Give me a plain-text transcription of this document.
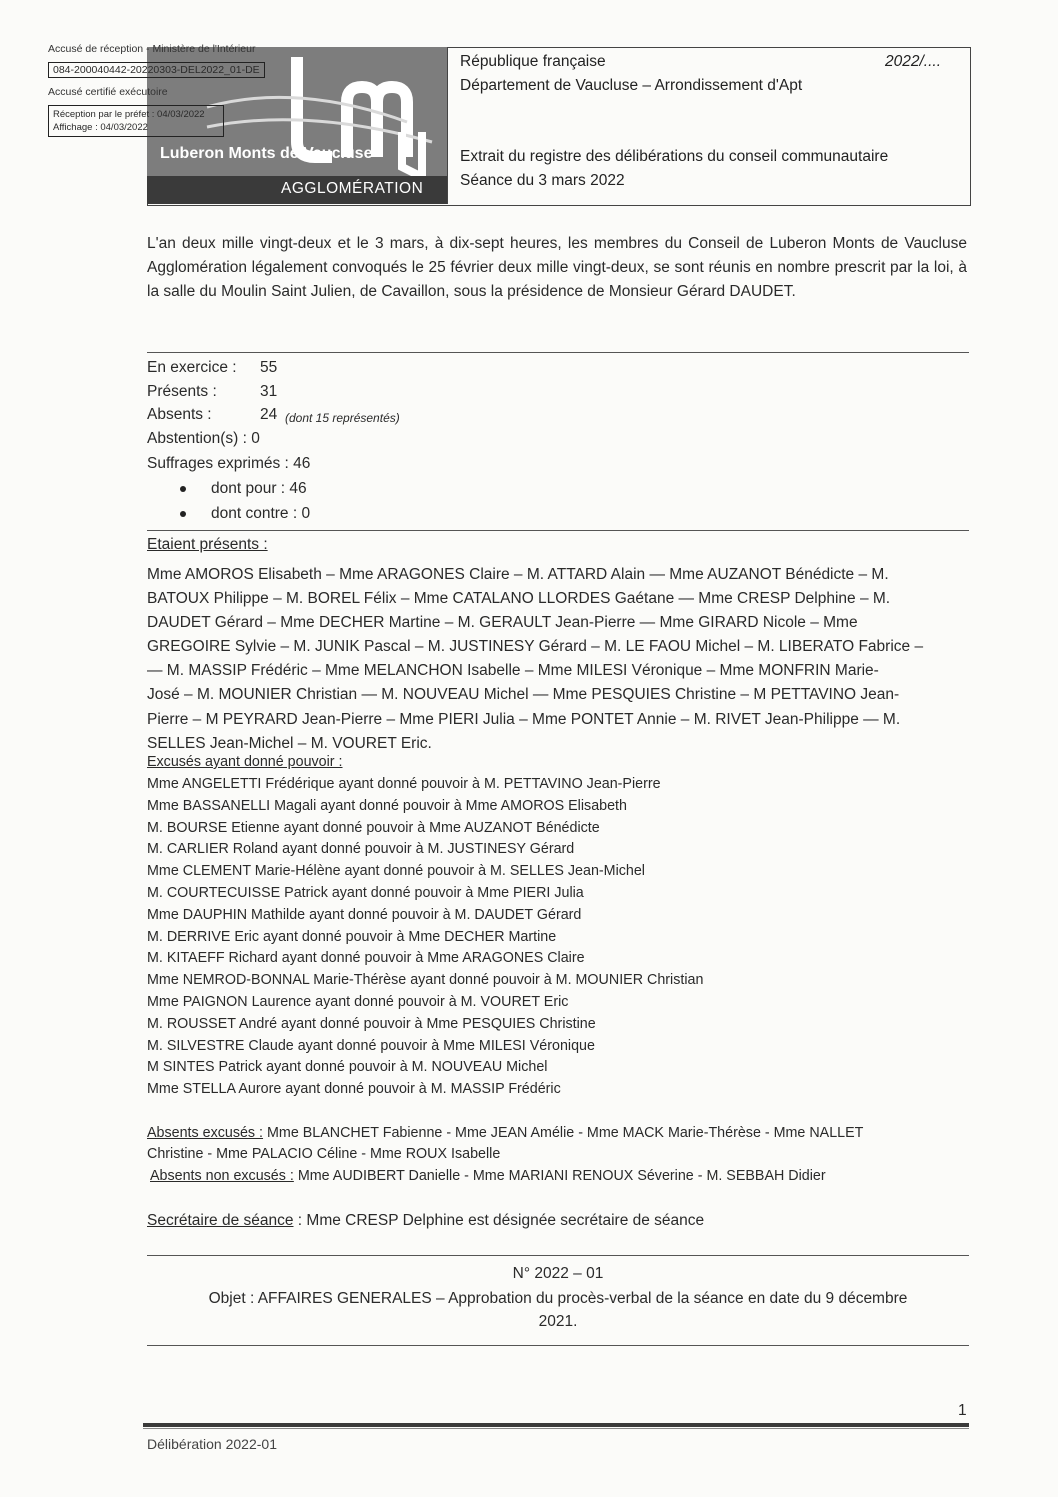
Luberon Monts de Vaucluse
AGGLOMÉRATION
République française	2022/....
Département de Vaucluse – Arrondissement d'Apt
Extrait du registre des délibérations du conseil communautaire
Séance du 3 mars 2022
Accusé de réception - Ministère de l'Intérieur
084-200040442-20220303-DEL2022_01-DE
Accusé certifié exécutoire
Réception par le préfet : 04/03/2022
Affichage : 04/03/2022
L'an deux mille vingt-deux et le 3 mars, à dix-sept heures, les membres du Conseil de Luberon Monts de Vaucluse Agglomération légalement convoqués le 25 février deux mille vingt-deux, se sont réunis en nombre prescrit par la loi, à la salle du Moulin Saint Julien, de Cavaillon, sous la présidence de Monsieur Gérard DAUDET.
En exercice : 55
Présents :	31
Absents :	24 (dont 15 représentés)
Abstention(s) : 0
Suffrages exprimés : 46
dont pour : 46
dont contre : 0
Etaient présents :
Mme AMOROS Elisabeth – Mme ARAGONES Claire – M. ATTARD Alain — Mme AUZANOT Bénédicte – M.
BATOUX Philippe – M. BOREL Félix – Mme CATALANO LLORDES Gaétane — Mme CRESP Delphine – M.
DAUDET Gérard – Mme DECHER Martine – M. GERAULT Jean-Pierre — Mme GIRARD Nicole – Mme
GREGOIRE Sylvie – M. JUNIK Pascal – M. JUSTINESY Gérard – M. LE FAOU Michel – M. LIBERATO Fabrice –
— M. MASSIP Frédéric – Mme MELANCHON Isabelle – Mme MILESI Véronique – Mme MONFRIN Marie-
José – M. MOUNIER Christian — M. NOUVEAU Michel — Mme PESQUIES Christine – M PETTAVINO Jean-
Pierre – M PEYRARD Jean-Pierre – Mme PIERI Julia – Mme PONTET Annie – M. RIVET Jean-Philippe — M.
SELLES Jean-Michel – M. VOURET Eric.
Excusés ayant donné pouvoir :
Mme ANGELETTI Frédérique ayant donné pouvoir à M. PETTAVINO Jean-Pierre
Mme BASSANELLI Magali ayant donné pouvoir à Mme AMOROS Elisabeth
M. BOURSE Etienne ayant donné pouvoir à Mme AUZANOT Bénédicte
M. CARLIER Roland ayant donné pouvoir à M. JUSTINESY Gérard
Mme CLEMENT Marie-Hélène ayant donné pouvoir à M. SELLES Jean-Michel
M. COURTECUISSE Patrick ayant donné pouvoir à Mme PIERI Julia
Mme DAUPHIN Mathilde ayant donné pouvoir à M. DAUDET Gérard
M. DERRIVE Eric ayant donné pouvoir à Mme DECHER Martine
M. KITAEFF Richard ayant donné pouvoir à Mme ARAGONES Claire
Mme NEMROD-BONNAL Marie-Thérèse ayant donné pouvoir à M. MOUNIER Christian
Mme PAIGNON Laurence ayant donné pouvoir à M. VOURET Eric
M. ROUSSET André ayant donné pouvoir à Mme PESQUIES Christine
M. SILVESTRE Claude ayant donné pouvoir à Mme MILESI Véronique
M SINTES Patrick ayant donné pouvoir à M. NOUVEAU Michel
Mme STELLA Aurore ayant donné pouvoir à M. MASSIP Frédéric
Absents excusés : Mme BLANCHET Fabienne - Mme JEAN Amélie - Mme MACK Marie-Thérèse - Mme NALLET
Christine - Mme PALACIO Céline - Mme ROUX Isabelle
Absents non excusés : Mme AUDIBERT Danielle - Mme MARIANI RENOUX Séverine - M. SEBBAH Didier
Secrétaire de séance : Mme CRESP Delphine est désignée secrétaire de séance
N° 2022 – 01
Objet : AFFAIRES GENERALES – Approbation du procès-verbal de la séance en date du 9 décembre
2021.
1
Délibération 2022-01
